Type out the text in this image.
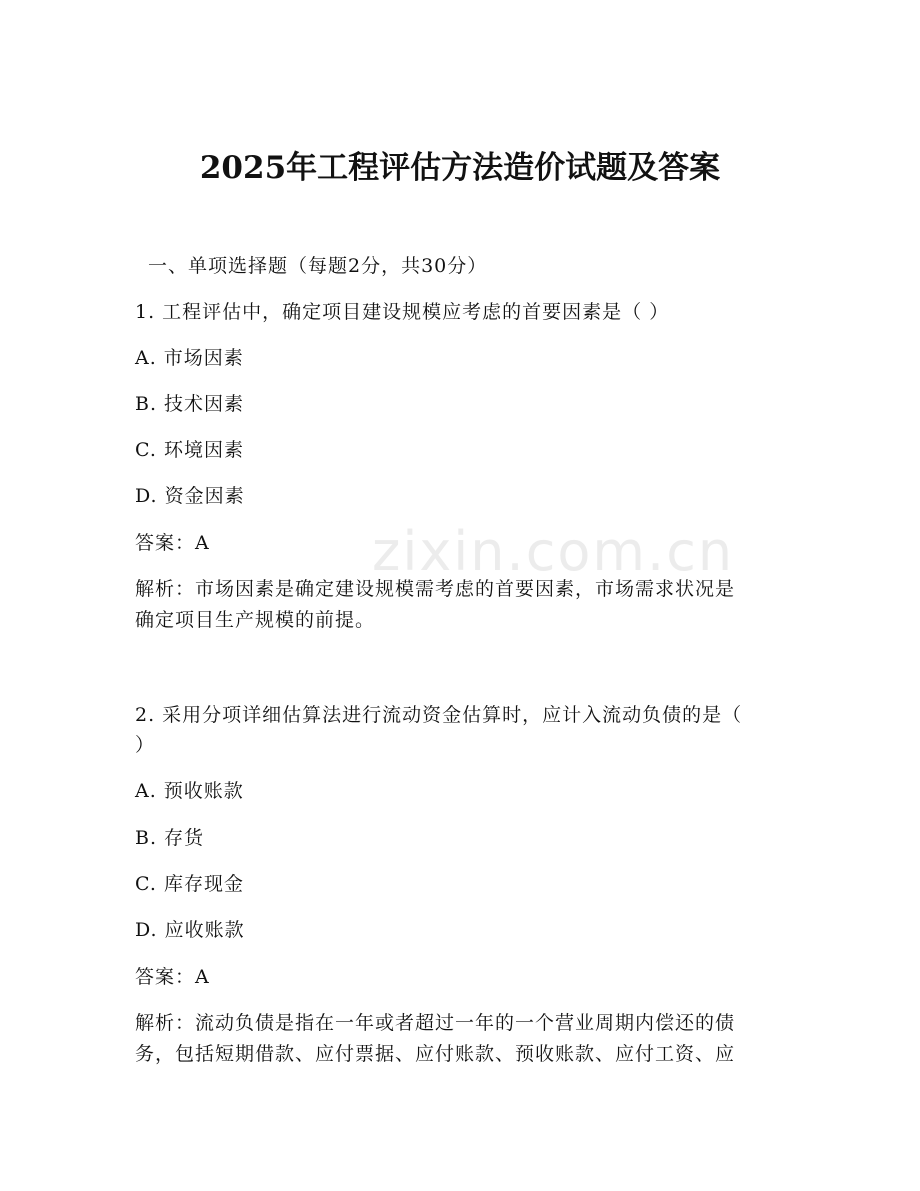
zixin.com.cn
2025年工程评估方法造价试题及答案
一、单项选择题（每题2分，共30分）
1. 工程评估中，确定项目建设规模应考虑的首要因素是（ ）
A. 市场因素
B. 技术因素
C. 环境因素
D. 资金因素
答案：A
解析：市场因素是确定建设规模需考虑的首要因素，市场需求状况是
确定项目生产规模的前提。
2. 采用分项详细估算法进行流动资金估算时，应计入流动负债的是（
）
A. 预收账款
B. 存货
C. 库存现金
D. 应收账款
答案：A
解析：流动负债是指在一年或者超过一年的一个营业周期内偿还的债
务，包括短期借款、应付票据、应付账款、预收账款、应付工资、应
